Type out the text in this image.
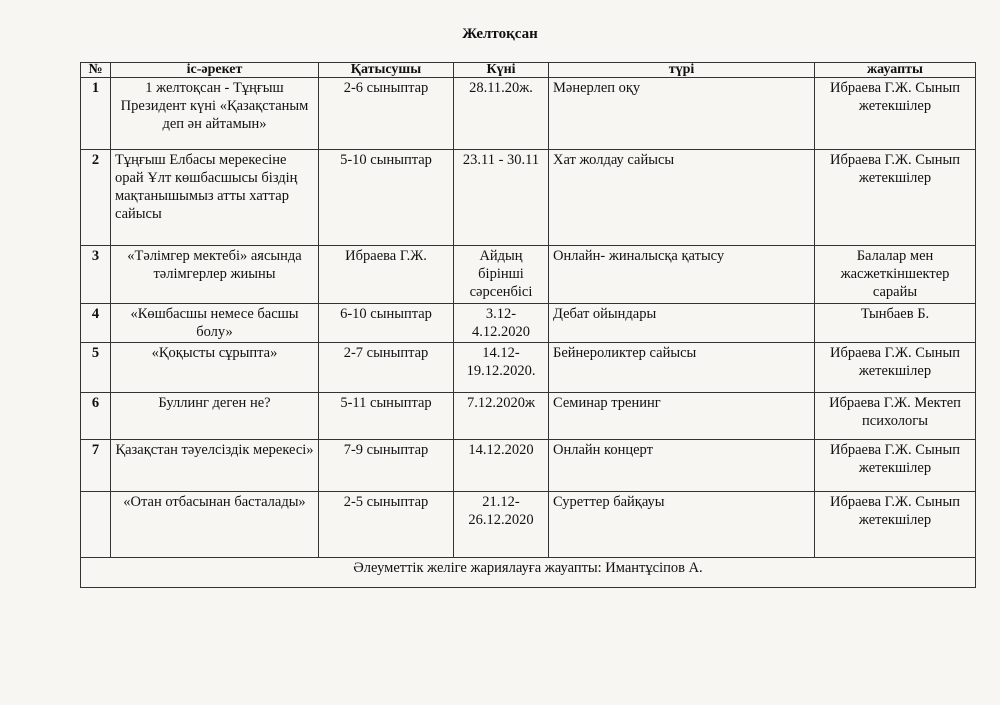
Желтоқсан
№	іс-әрекет	Қатысушы	Күні	түрі	жауапты
1	1 желтоқсан - Тұңғыш Президент күні «Қазақстаным деп ән айтамын»	2-6 сыныптар	28.11.20ж.	Мәнерлеп оқу	Ибраева Г.Ж. Сынып жетекшілер
2	Тұңғыш Елбасы мерекесіне орай Ұлт көшбасшысы біздің мақтанышымыз атты хаттар сайысы	5-10 сыныптар	23.11 - 30.11	Хат жолдау сайысы	Ибраева Г.Ж. Сынып жетекшілер
3	«Тәлімгер мектебі» аясында тәлімгерлер жиыны	Ибраева Г.Ж.	Айдың бірінші сәрсенбісі	Онлайн- жиналысқа қатысу	Балалар мен жасжеткіншектер сарайы
4	«Көшбасшы немесе басшы болу»	6-10 сыныптар	3.12- 4.12.2020	Дебат ойындары	Тынбаев Б.
5	«Қоқысты сұрыпта»	2-7 сыныптар	14.12- 19.12.2020.	Бейнероликтер сайысы	Ибраева Г.Ж. Сынып жетекшілер
6	Буллинг деген не?	5-11 сыныптар	7.12.2020ж	Семинар тренинг	Ибраева Г.Ж. Мектеп психологы
7	Қазақстан тәуелсіздік мерекесі»	7-9 сыныптар	14.12.2020	Онлайн концерт	Ибраева Г.Ж. Сынып жетекшілер
	«Отан отбасынан басталады»	2-5 сыныптар	21.12- 26.12.2020	Суреттер байқауы	Ибраева Г.Ж. Сынып жетекшілер
Әлеуметтік желіге жариялауға жауапты: Имантұсіпов А.					
